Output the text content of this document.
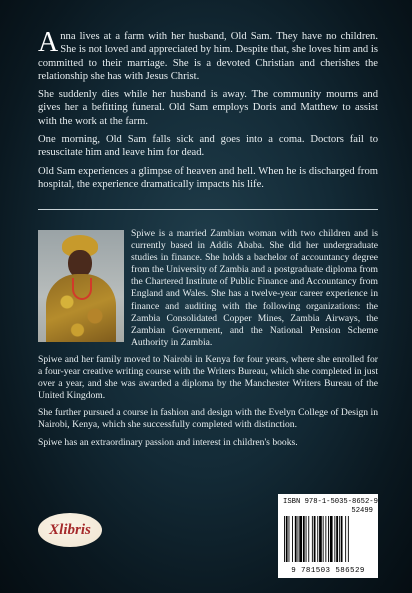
Anna lives at a farm with her husband, Old Sam. They have no children. She is not loved and appreciated by him. Despite that, she loves him and is committed to their marriage. She is a devoted Christian and cherishes the relationship she has with Jesus Christ.

She suddenly dies while her husband is away. The community mourns and gives her a befitting funeral. Old Sam employs Doris and Matthew to assist with the work at the farm.

One morning, Old Sam falls sick and goes into a coma. Doctors fail to resuscitate him and leave him for dead.

Old Sam experiences a glimpse of heaven and hell. When he is discharged from hospital, the experience dramatically impacts his life.

Spiwe is a married Zambian woman with two children and is currently based in Addis Ababa. She did her undergraduate studies in finance. She holds a bachelor of accountancy degree from the University of Zambia and a postgraduate diploma from the Chartered Institute of Public Finance and Accountancy from England and Wales. She has a twelve-year career experience in finance and auditing with the following organizations: the Zambia Consolidated Copper Mines, Zambia Airways, the Zambian Government, and the National Pension Scheme Authority in Zambia.

Spiwe and her family moved to Nairobi in Kenya for four years, where she enrolled for a four-year creative writing course with the Writers Bureau, which she completed in just over a year, and she was awarded a diploma by the Manchester Writers Bureau of the United Kingdom.

She further pursued a course in fashion and design with the Evelyn College of Design in Nairobi, Kenya, which she successfully completed with distinction.

Spiwe has an extraordinary passion and interest in children's books.

Xlibris
ISBN 978-1-5035-8652-9
52499
9 781503 586529
